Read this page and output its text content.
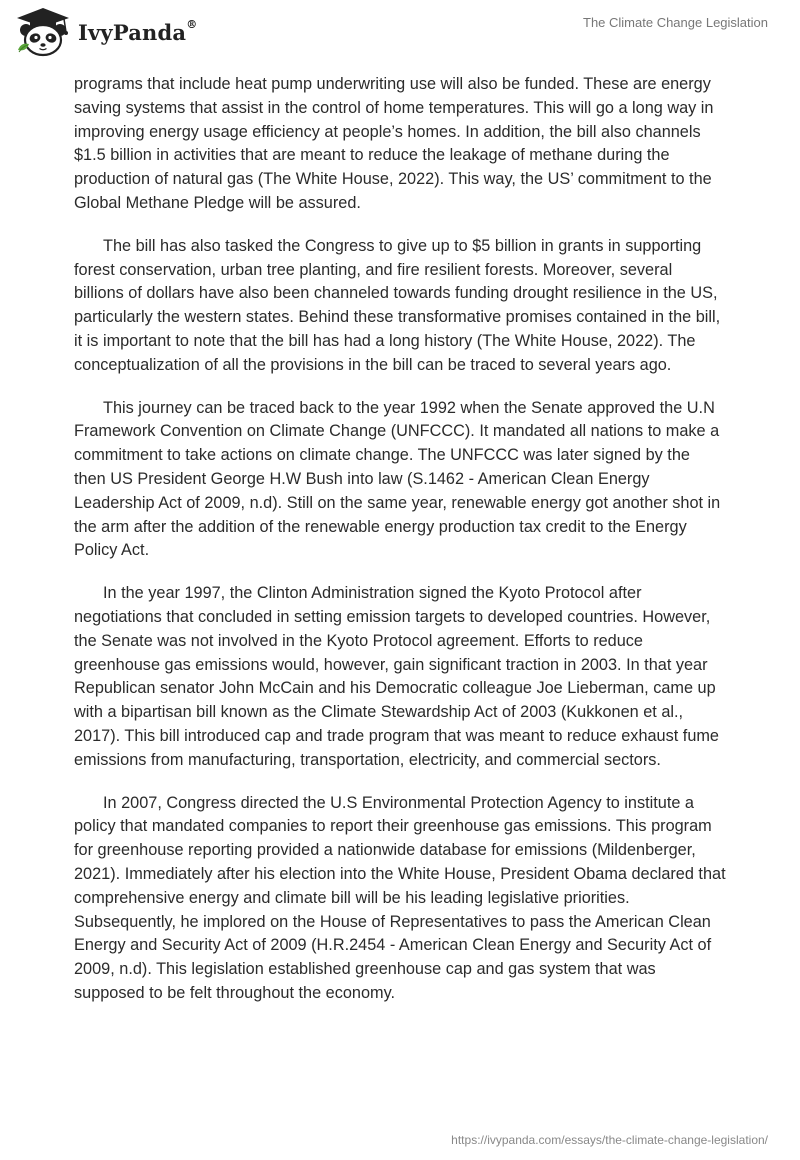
IvyPanda®	The Climate Change Legislation

programs that include heat pump underwriting use will also be funded. These are energy saving systems that assist in the control of home temperatures. This will go a long way in improving energy usage efficiency at people’s homes. In addition, the bill also channels $1.5 billion in activities that are meant to reduce the leakage of methane during the production of natural gas (The White House, 2022). This way, the US’ commitment to the Global Methane Pledge will be assured.

The bill has also tasked the Congress to give up to $5 billion in grants in supporting forest conservation, urban tree planting, and fire resilient forests. Moreover, several billions of dollars have also been channeled towards funding drought resilience in the US, particularly the western states. Behind these transformative promises contained in the bill, it is important to note that the bill has had a long history (The White House, 2022). The conceptualization of all the provisions in the bill can be traced to several years ago.

This journey can be traced back to the year 1992 when the Senate approved the U.N Framework Convention on Climate Change (UNFCCC). It mandated all nations to make a commitment to take actions on climate change. The UNFCCC was later signed by the then US President George H.W Bush into law (S.1462 - American Clean Energy Leadership Act of 2009, n.d). Still on the same year, renewable energy got another shot in the arm after the addition of the renewable energy production tax credit to the Energy Policy Act.

In the year 1997, the Clinton Administration signed the Kyoto Protocol after negotiations that concluded in setting emission targets to developed countries. However, the Senate was not involved in the Kyoto Protocol agreement. Efforts to reduce greenhouse gas emissions would, however, gain significant traction in 2003. In that year Republican senator John McCain and his Democratic colleague Joe Lieberman, came up with a bipartisan bill known as the Climate Stewardship Act of 2003 (Kukkonen et al., 2017). This bill introduced cap and trade program that was meant to reduce exhaust fume emissions from manufacturing, transportation, electricity, and commercial sectors.

In 2007, Congress directed the U.S Environmental Protection Agency to institute a policy that mandated companies to report their greenhouse gas emissions. This program for greenhouse reporting provided a nationwide database for emissions (Mildenberger, 2021). Immediately after his election into the White House, President Obama declared that comprehensive energy and climate bill will be his leading legislative priorities. Subsequently, he implored on the House of Representatives to pass the American Clean Energy and Security Act of 2009 (H.R.2454 - American Clean Energy and Security Act of 2009, n.d). This legislation established greenhouse cap and gas system that was supposed to be felt throughout the economy.

https://ivypanda.com/essays/the-climate-change-legislation/
